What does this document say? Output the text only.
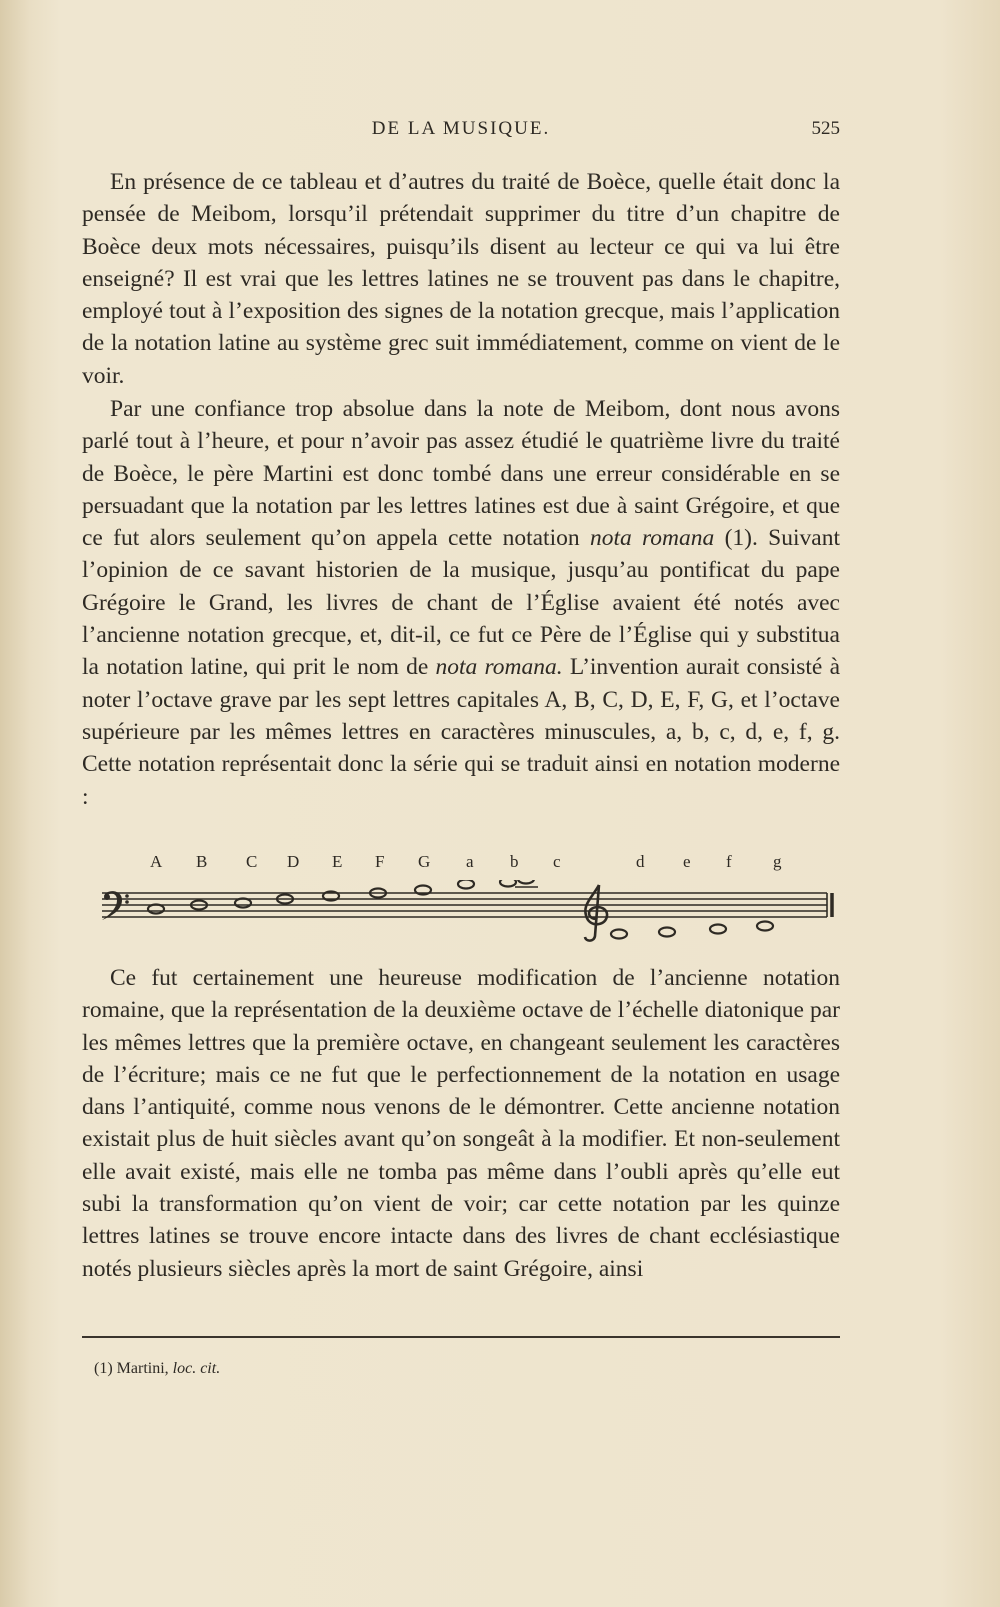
DE LA MUSIQUE.	525

En présence de ce tableau et d’autres du traité de Boèce, quelle était donc la pensée de Meibom, lorsqu’il prétendait supprimer du titre d’un chapitre de Boèce deux mots nécessaires, puisqu’ils disent au lecteur ce qui va lui être enseigné? Il est vrai que les lettres latines ne se trouvent pas dans le chapitre, employé tout à l’exposition des signes de la notation grecque, mais l’application de la notation latine au système grec suit immédiatement, comme on vient de le voir.

Par une confiance trop absolue dans la note de Meibom, dont nous avons parlé tout à l’heure, et pour n’avoir pas assez étudié le quatrième livre du traité de Boèce, le père Martini est donc tombé dans une erreur considérable en se persuadant que la notation par les lettres latines est due à saint Grégoire, et que ce fut alors seulement qu’on appela cette notation nota romana (1). Suivant l’opinion de ce savant historien de la musique, jusqu’au pontificat du pape Grégoire le Grand, les livres de chant de l’Église avaient été notés avec l’ancienne notation grecque, et, dit-il, ce fut ce Père de l’Église qui y substitua la notation latine, qui prit le nom de nota romana. L’invention aurait consisté à noter l’octave grave par les sept lettres capitales A, B, C, D, E, F, G, et l’octave supérieure par les mêmes lettres en caractères minuscules, a, b, c, d, e, f, g. Cette notation représentait donc la série qui se traduit ainsi en notation moderne :

A B C D E F G a b c	d e f g

Ce fut certainement une heureuse modification de l’ancienne notation romaine, que la représentation de la deuxième octave de l’échelle diatonique par les mêmes lettres que la première octave, en changeant seulement les caractères de l’écriture; mais ce ne fut que le perfectionnement de la notation en usage dans l’antiquité, comme nous venons de le démontrer. Cette ancienne notation existait plus de huit siècles avant qu’on songeât à la modifier. Et non-seulement elle avait existé, mais elle ne tomba pas même dans l’oubli après qu’elle eut subi la transformation qu’on vient de voir; car cette notation par les quinze lettres latines se trouve encore intacte dans des livres de chant ecclésiastique notés plusieurs siècles après la mort de saint Grégoire, ainsi

(1) Martini, loc. cit.
